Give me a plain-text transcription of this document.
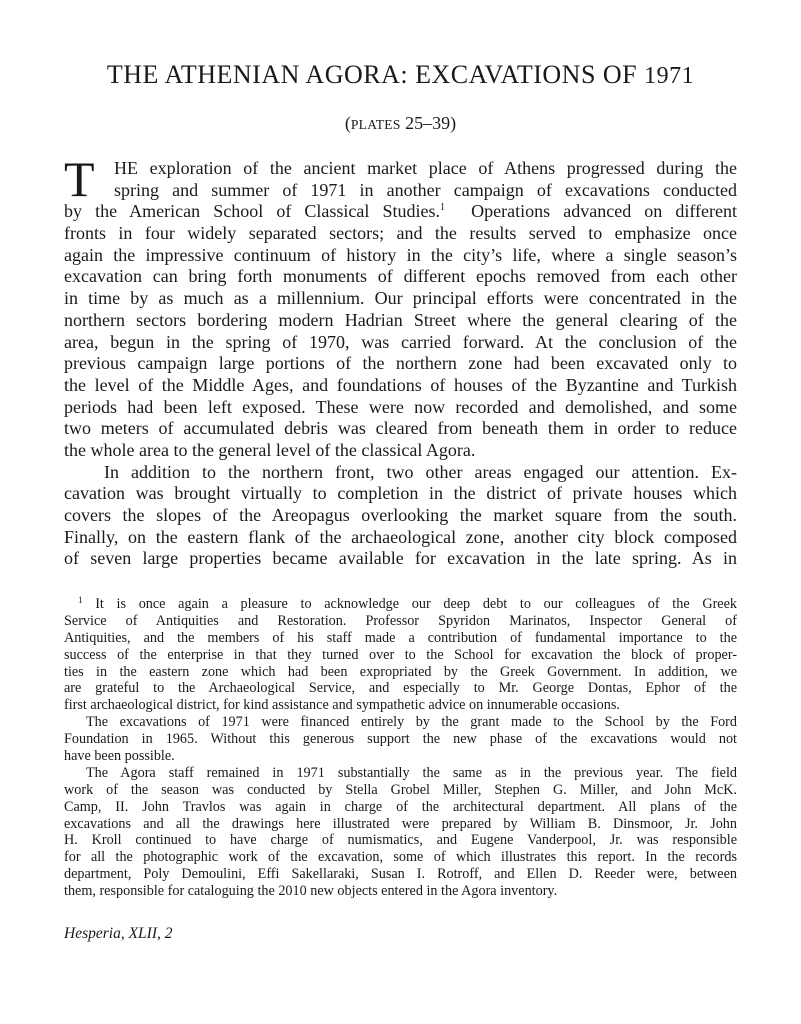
THE ATHENIAN AGORA: EXCAVATIONS OF 1971

(PLATES 25–39)

T	HE exploration of the ancient market place of Athens progressed during the
spring and summer of 1971 in another campaign of excavations conducted
by the American School of Classical Studies.$^1$ Operations advanced on different
fronts in four widely separated sectors; and the results served to emphasize once
again the impressive continuum of history in the city’s life, where a single season’s
excavation can bring forth monuments of different epochs removed from each other
in time by as much as a millennium. Our principal efforts were concentrated in the
northern sectors bordering modern Hadrian Street where the general clearing of the
area, begun in the spring of 1970, was carried forward. At the conclusion of the
previous campaign large portions of the northern zone had been excavated only to
the level of the Middle Ages, and foundations of houses of the Byzantine and Turkish
periods had been left exposed. These were now recorded and demolished, and some
two meters of accumulated debris was cleared from beneath them in order to reduce
the whole area to the general level of the classical Agora.
In addition to the northern front, two other areas engaged our attention. Ex-
cavation was brought virtually to completion in the district of private houses which
covers the slopes of the Areopagus overlooking the market square from the south.
Finally, on the eastern flank of the archaeological zone, another city block composed
of seven large properties became available for excavation in the late spring. As in
$^1$ It is once again a pleasure to acknowledge our deep debt to our colleagues of the Greek
Service of Antiquities and Restoration. Professor Spyridon Marinatos, Inspector General of
Antiquities, and the members of his staff made a contribution of fundamental importance to the
success of the enterprise in that they turned over to the School for excavation the block of proper-
ties in the eastern zone which had been expropriated by the Greek Government. In addition, we
are grateful to the Archaeological Service, and especially to Mr. George Dontas, Ephor of the
first archaeological district, for kind assistance and sympathetic advice on innumerable occasions.
The excavations of 1971 were financed entirely by the grant made to the School by the Ford
Foundation in 1965. Without this generous support the new phase of the excavations would not
have been possible.
The Agora staff remained in 1971 substantially the same as in the previous year. The field
work of the season was conducted by Stella Grobel Miller, Stephen G. Miller, and John McK.
Camp, II. John Travlos was again in charge of the architectural department. All plans of the
excavations and all the drawings here illustrated were prepared by William B. Dinsmoor, Jr. John
H. Kroll continued to have charge of numismatics, and Eugene Vanderpool, Jr. was responsible
for all the photographic work of the excavation, some of which illustrates this report. In the records
department, Poly Demoulini, Effi Sakellaraki, Susan I. Rotroff, and Ellen D. Reeder were, between
them, responsible for cataloguing the 2010 new objects entered in the Agora inventory.
Hesperia, XLII, 2
